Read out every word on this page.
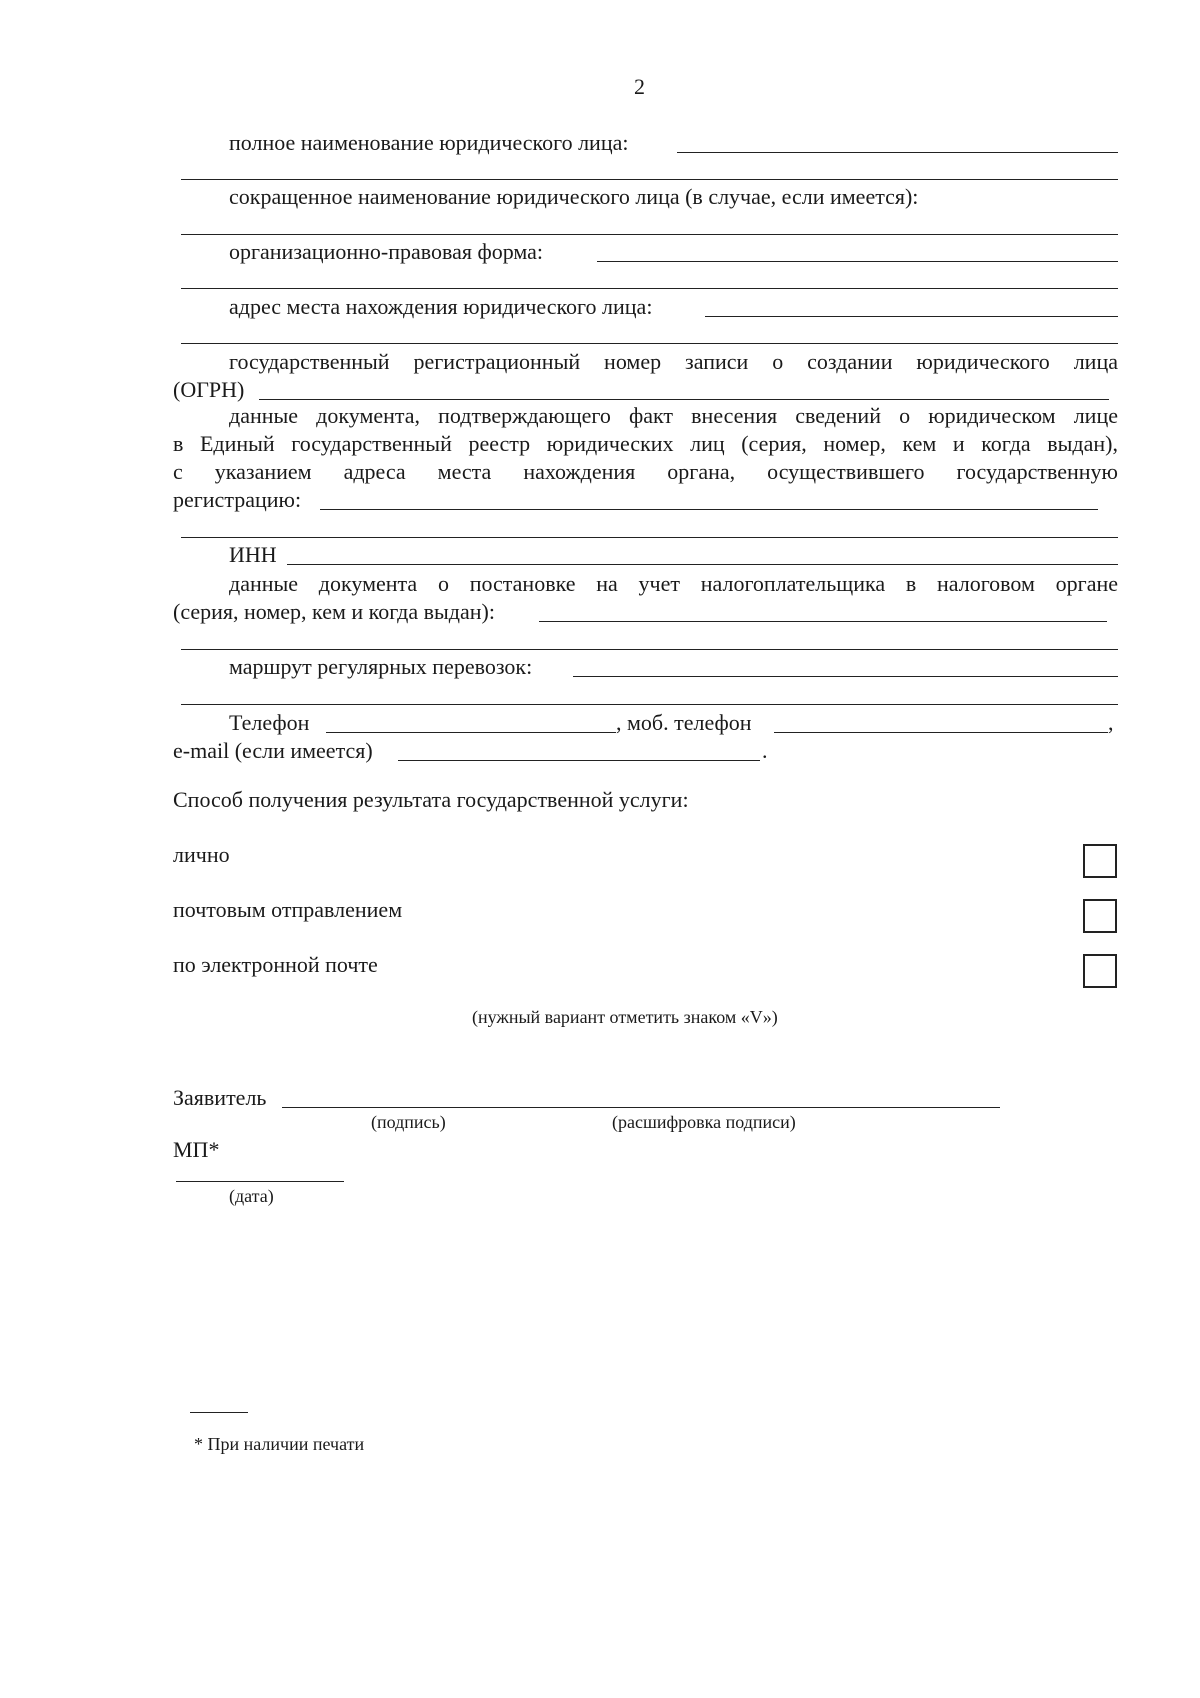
2
полное наименование юридического лица:
сокращенное наименование юридического лица (в случае, если имеется):
организационно-правовая форма:
адрес места нахождения юридического лица:
государственный регистрационный номер записи о создании юридического лица
(ОГРН)
данные документа, подтверждающего факт внесения сведений о юридическом лице
в Единый государственный реестр юридических лиц (серия, номер, кем и когда выдан),
с указанием адреса места нахождения органа, осуществившего государственную
регистрацию:
ИНН
данные документа о постановке на учет налогоплательщика в налоговом органе
(серия, номер, кем и когда выдан):
маршрут регулярных перевозок:
Телефон	, моб. телефон	,
e-mail (если имеется)	.
Способ получения результата государственной услуги:
лично
почтовым отправлением
по электронной почте
(нужный вариант отметить знаком «V»)
Заявитель
(подпись)	(расшифровка подписи)
МП*
(дата)
* При наличии печати
